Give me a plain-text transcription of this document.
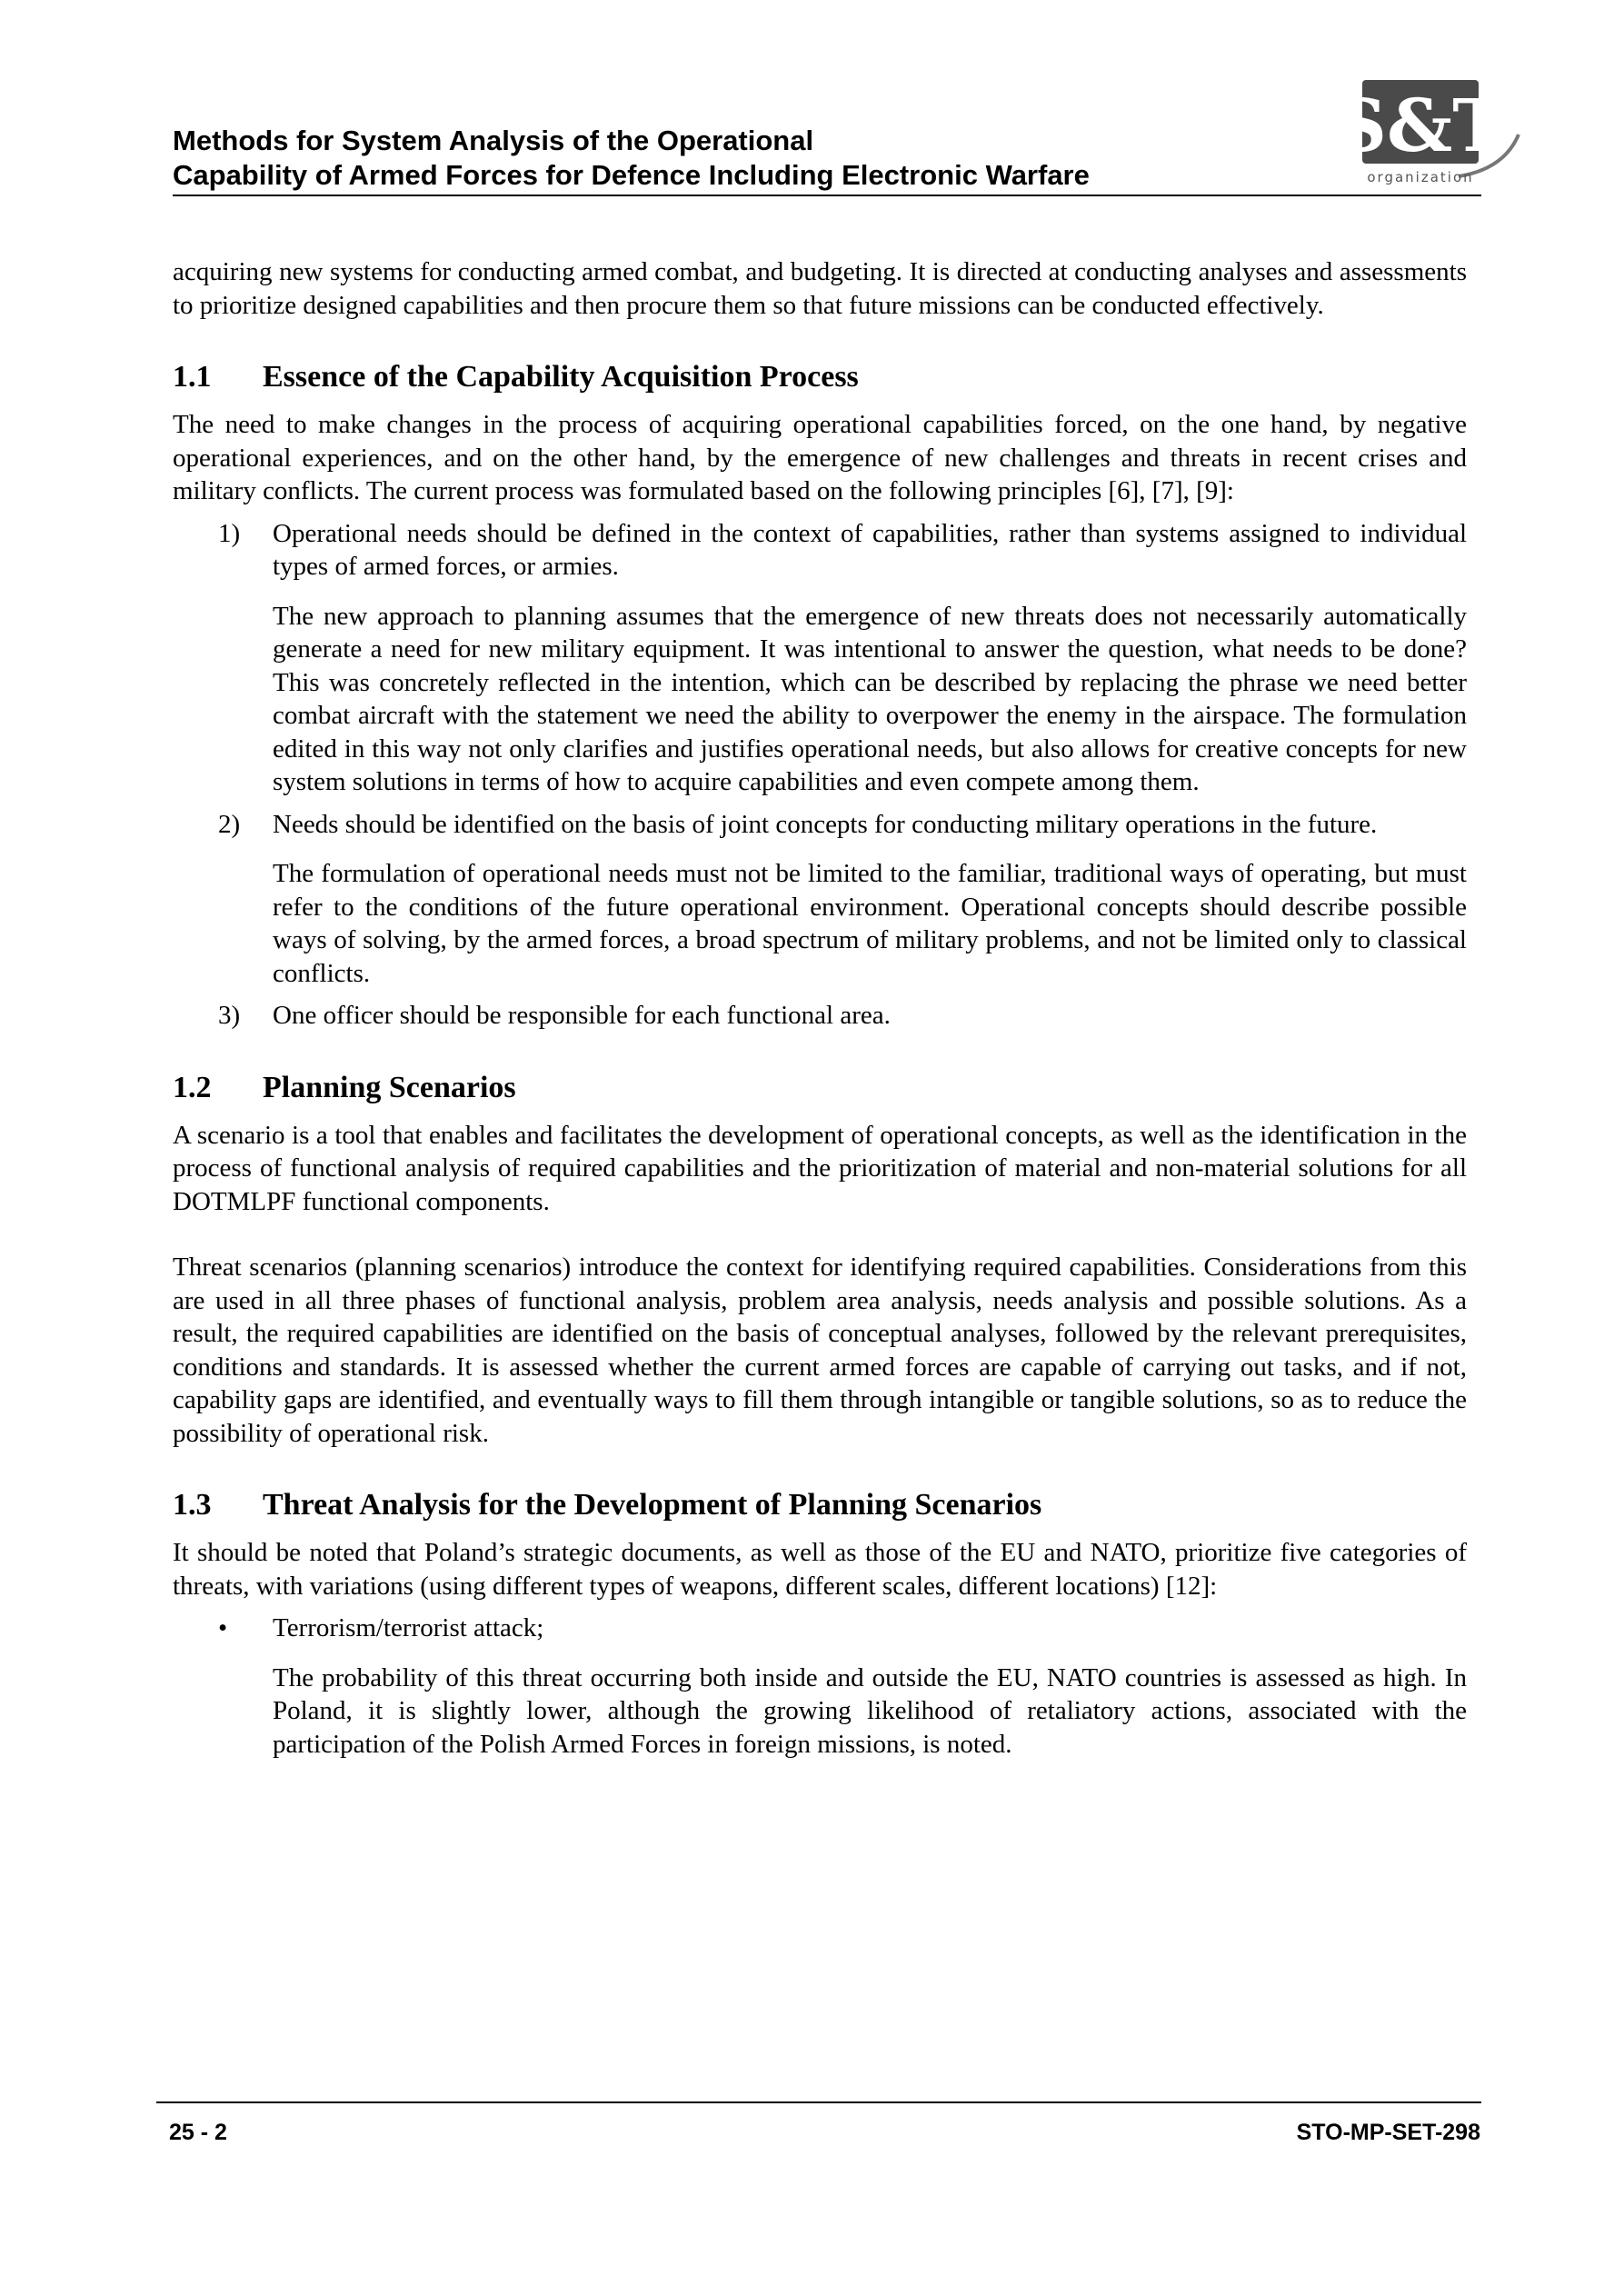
Methods for System Analysis of the Operational
Capability of Armed Forces for Defence Including Electronic Warfare
S&T
organization

acquiring new systems for conducting armed combat, and budgeting. It is directed at conducting analyses and assessments to prioritize designed capabilities and then procure them so that future missions can be conducted effectively.

1.1	Essence of the Capability Acquisition Process

The need to make changes in the process of acquiring operational capabilities forced, on the one hand, by negative operational experiences, and on the other hand, by the emergence of new challenges and threats in recent crises and military conflicts. The current process was formulated based on the following principles [6], [7], [9]:

1)	Operational needs should be defined in the context of capabilities, rather than systems assigned to individual types of armed forces, or armies.

The new approach to planning assumes that the emergence of new threats does not necessarily automatically generate a need for new military equipment. It was intentional to answer the question, what needs to be done? This was concretely reflected in the intention, which can be described by replacing the phrase we need better combat aircraft with the statement we need the ability to overpower the enemy in the airspace. The formulation edited in this way not only clarifies and justifies operational needs, but also allows for creative concepts for new system solutions in terms of how to acquire capabilities and even compete among them.

2)	Needs should be identified on the basis of joint concepts for conducting military operations in the future.

The formulation of operational needs must not be limited to the familiar, traditional ways of operating, but must refer to the conditions of the future operational environment. Operational concepts should describe possible ways of solving, by the armed forces, a broad spectrum of military problems, and not be limited only to classical conflicts.

3)	One officer should be responsible for each functional area.

1.2	Planning Scenarios

A scenario is a tool that enables and facilitates the development of operational concepts, as well as the identification in the process of functional analysis of required capabilities and the prioritization of material and non-material solutions for all DOTMLPF functional components.

Threat scenarios (planning scenarios) introduce the context for identifying required capabilities. Considerations from this are used in all three phases of functional analysis, problem area analysis, needs analysis and possible solutions. As a result, the required capabilities are identified on the basis of conceptual analyses, followed by the relevant prerequisites, conditions and standards. It is assessed whether the current armed forces are capable of carrying out tasks, and if not, capability gaps are identified, and eventually ways to fill them through intangible or tangible solutions, so as to reduce the possibility of operational risk.

1.3	Threat Analysis for the Development of Planning Scenarios

It should be noted that Poland’s strategic documents, as well as those of the EU and NATO, prioritize five categories of threats, with variations (using different types of weapons, different scales, different locations) [12]:

•	Terrorism/terrorist attack;

The probability of this threat occurring both inside and outside the EU, NATO countries is assessed as high. In Poland, it is slightly lower, although the growing likelihood of retaliatory actions, associated with the participation of the Polish Armed Forces in foreign missions, is noted.

25 - 2	STO-MP-SET-298
